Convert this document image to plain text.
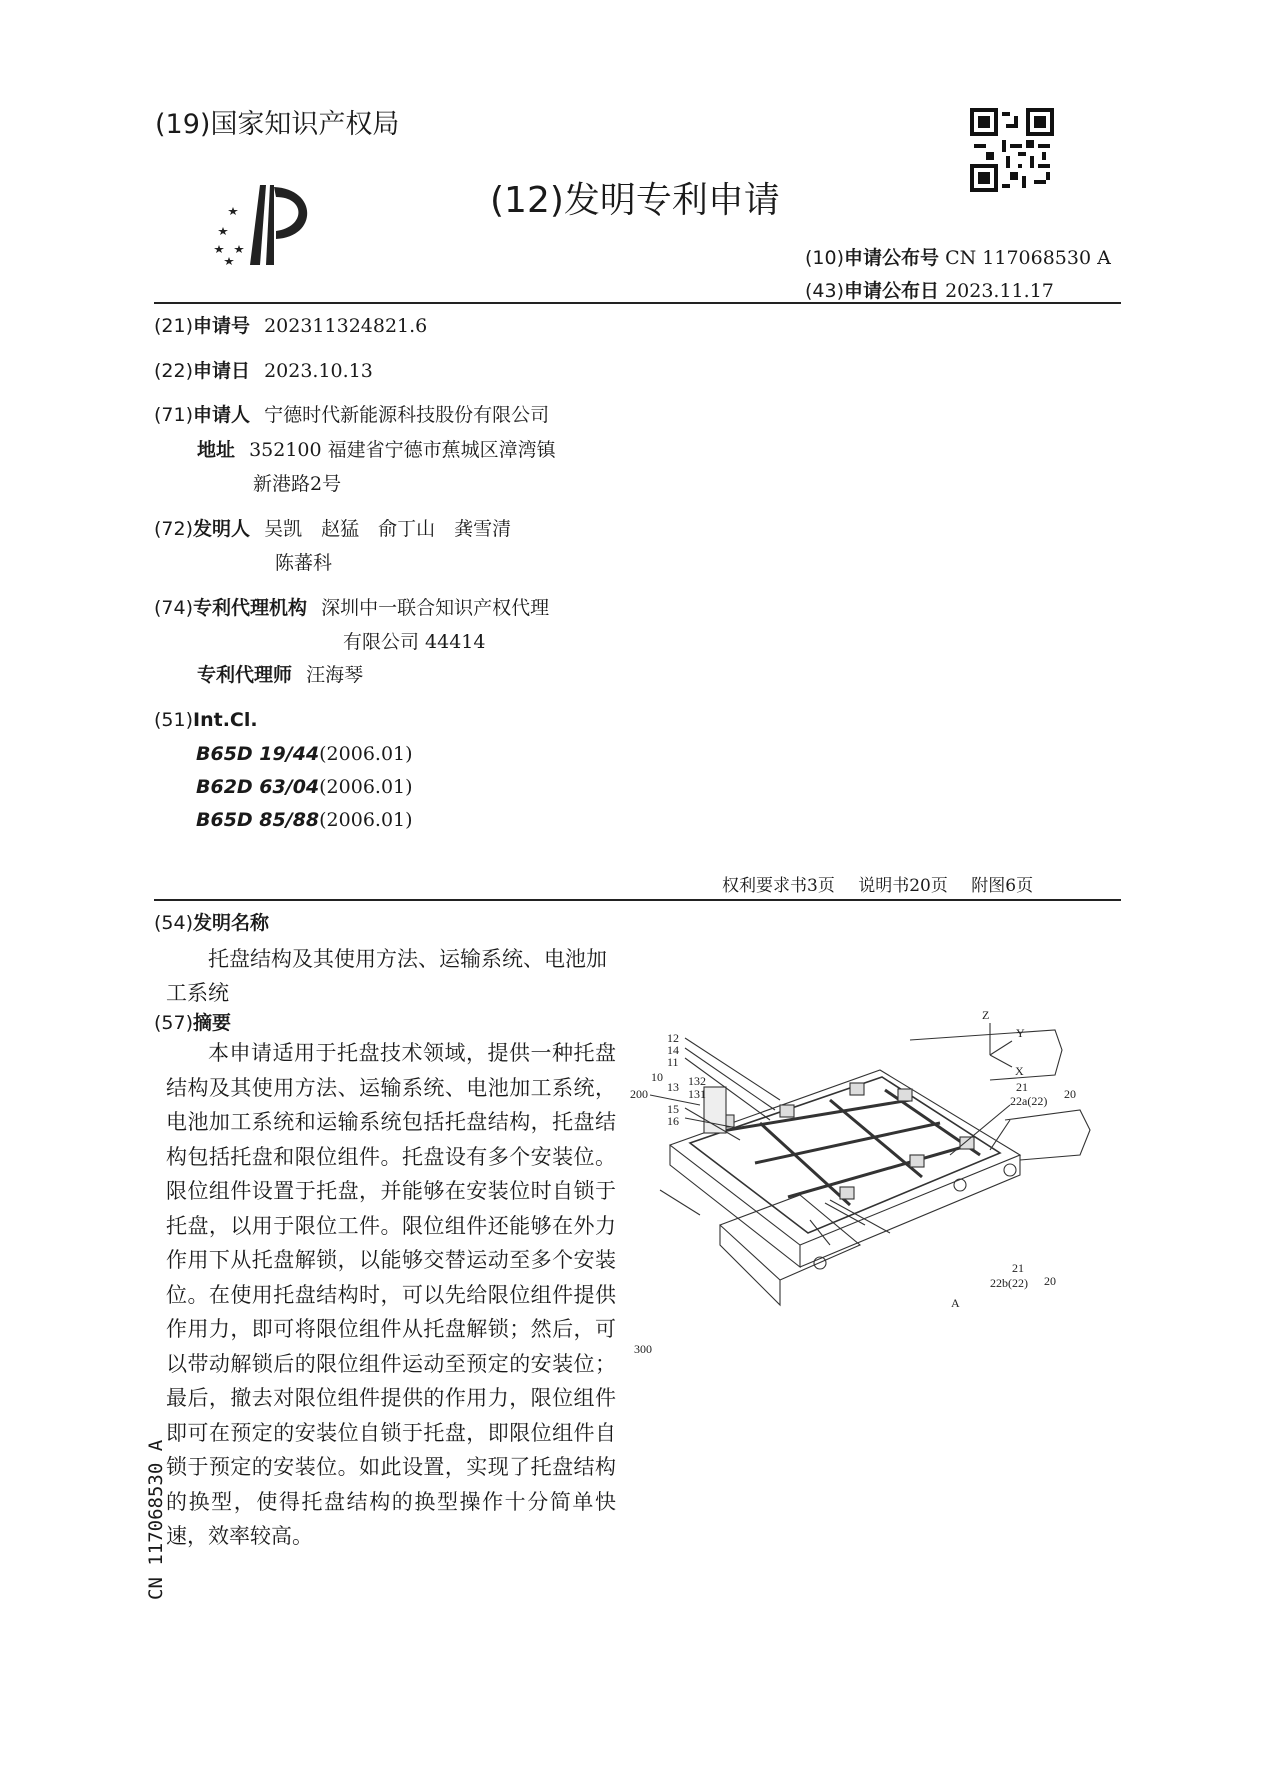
(19)国家知识产权局
(12)发明专利申请
(10)申请公布号 CN 117068530 A
(43)申请公布日 2023.11.17
(21)申请号 202311324821.6
(22)申请日 2023.10.13
(71)申请人 宁德时代新能源科技股份有限公司
地址 352100 福建省宁德市蕉城区漳湾镇
新港路2号
(72)发明人 吴凯　赵猛　俞丁山　龚雪清
陈蕃科
(74)专利代理机构 深圳中一联合知识产权代理
有限公司 44414
专利代理师 汪海琴
(51)Int.Cl.
B65D 19/44(2006.01)
B62D 63/04(2006.01)
B65D 85/88(2006.01)
权利要求书3页 说明书20页 附图6页
(54)发明名称
托盘结构及其使用方法、运输系统、电池加工系统
(57)摘要
本申请适用于托盘技术领域，提供一种托盘结构及其使用方法、运输系统、电池加工系统，电池加工系统和运输系统包括托盘结构，托盘结构包括托盘和限位组件。托盘设有多个安装位。限位组件设置于托盘，并能够在安装位时自锁于托盘，以用于限位工件。限位组件还能够在外力作用下从托盘解锁，以能够交替运动至多个安装位。在使用托盘结构时，可以先给限位组件提供作用力，即可将限位组件从托盘解锁；然后，可以带动解锁后的限位组件运动至预定的安装位；最后，撤去对限位组件提供的作用力，限位组件即可在预定的安装位自锁于托盘，即限位组件自锁于预定的安装位。如此设置，实现了托盘结构的换型，使得托盘结构的换型操作十分简单快速，效率较高。
CN 117068530 A
Z
Y
X
12
14
11
10
13 132
131
15
16
200
300
21
22a(22) 20
21
22b(22) 20
A
